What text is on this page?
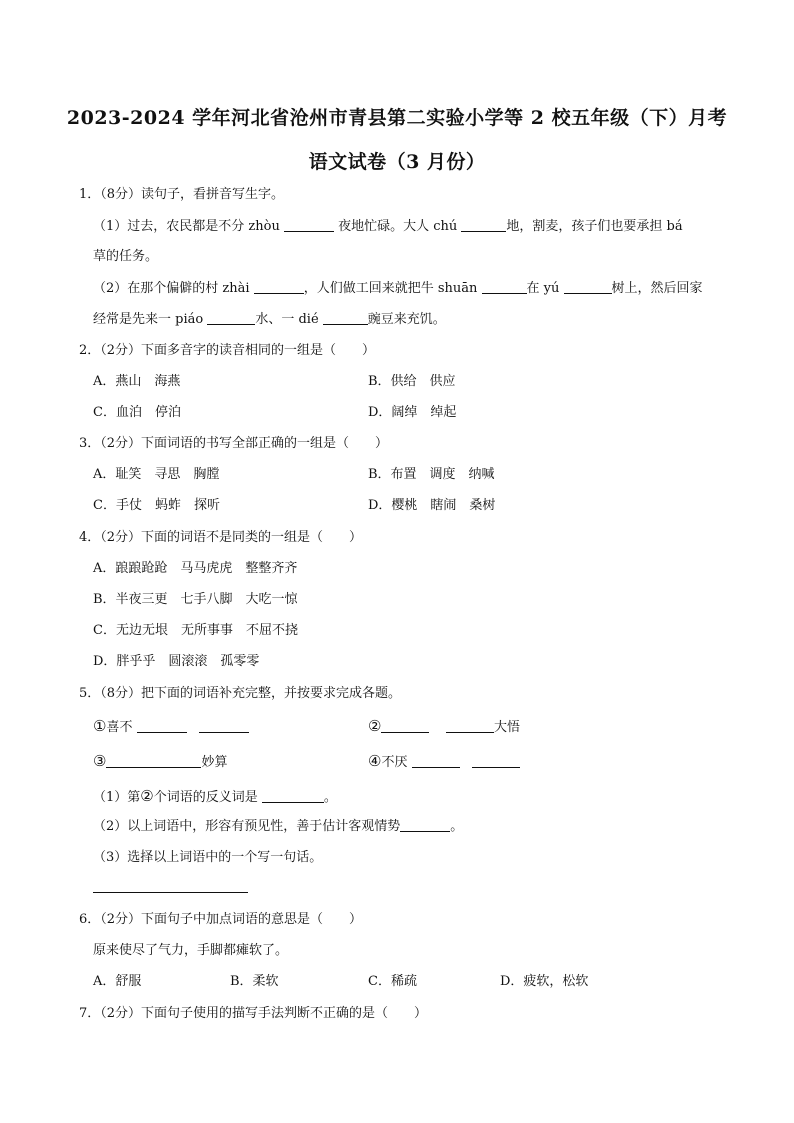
2023-2024 学年河北省沧州市青县第二实验小学等 2 校五年级（下）月考
语文试卷（3 月份）
1．（8分）读句子，看拼音写生字。
（1）过去，农民都是不分 zhòu	夜地忙碌。大人 chú	地，割麦，孩子们也要承担 bá
草的任务。
（2）在那个偏僻的村 zhài	，人们做工回来就把牛 shuān	在 yú	树上，然后回家
经常是先来一 piáo	水、一 dié	豌豆来充饥。
2．（2分）下面多音字的读音相同的一组是（　　）
A．燕山　海燕	B．供给　供应
C．血泊　停泊	D．阔绰　绰起
3．（2分）下面词语的书写全部正确的一组是（　　）
A．耻笑　寻思　胸膛	B．布置　调度　纳喊
C．手仗　蚂蚱　探听	D．樱桃　瞎闹　桑树
4．（2分）下面的词语不是同类的一组是（　　）
A．踉踉跄跄　马马虎虎　整整齐齐
B．半夜三更　七手八脚　大吃一惊
C．无边无垠　无所事事　不屈不挠
D．胖乎乎　圆滚滚　孤零零
5．（8分）把下面的词语补充完整，并按要求完成各题。
①喜不	②	大悟
③	妙算	④不厌
（1）第②个词语的反义词是	。
（2）以上词语中，形容有预见性，善于估计客观情势	。
（3）选择以上词语中的一个写一句话。
6．（2分）下面句子中加点词语的意思是（　　）
原来使尽了气力，手脚都瘫软了。
A．舒服	B．柔软	C．稀疏	D．疲软，松软
7．（2分）下面句子使用的描写手法判断不正确的是（　　）
